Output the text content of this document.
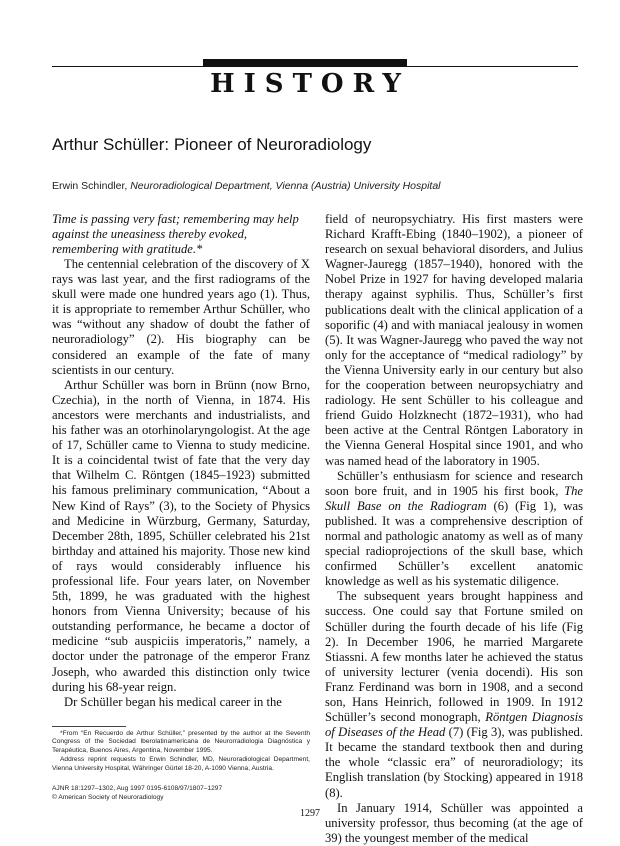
HISTORY
Arthur Schüller: Pioneer of Neuroradiology
Erwin Schindler, Neuroradiological Department, Vienna (Austria) University Hospital

Time is passing very fast; remembering may help against the uneasiness thereby evoked, remembering with gratitude.*

The centennial celebration of the discovery of X rays was last year, and the first radiograms of the skull were made one hundred years ago (1). Thus, it is appropriate to remember Arthur Schüller, who was “without any shadow of doubt the father of neuroradiology” (2). His biography can be considered an example of the fate of many scientists in our century.

Arthur Schüller was born in Brünn (now Brno, Czechia), in the north of Vienna, in 1874. His ancestors were merchants and industrialists, and his father was an otorhinolaryngologist. At the age of 17, Schüller came to Vienna to study medicine. It is a coincidental twist of fate that the very day that Wilhelm C. Röntgen (1845–1923) submitted his famous preliminary communication, “About a New Kind of Rays” (3), to the Society of Physics and Medicine in Würzburg, Germany, Saturday, December 28th, 1895, Schüller celebrated his 21st birthday and attained his majority. Those new kind of rays would considerably influence his professional life. Four years later, on November 5th, 1899, he was graduated with the highest honors from Vienna University; because of his outstanding performance, he became a doctor of medicine “sub auspiciis imperatoris,” namely, a doctor under the patronage of the emperor Franz Joseph, who awarded this distinction only twice during his 68-year reign.

Dr Schüller began his medical career in the

field of neuropsychiatry. His first masters were Richard Krafft-Ebing (1840–1902), a pioneer of research on sexual behavioral disorders, and Julius Wagner-Jauregg (1857–1940), honored with the Nobel Prize in 1927 for having developed malaria therapy against syphilis. Thus, Schüller’s first publications dealt with the clinical application of a soporific (4) and with maniacal jealousy in women (5). It was Wagner-Jauregg who paved the way not only for the acceptance of “medical radiology” by the Vienna University early in our century but also for the cooperation between neuropsychiatry and radiology. He sent Schüller to his colleague and friend Guido Holzknecht (1872–1931), who had been active at the Central Röntgen Laboratory in the Vienna General Hospital since 1901, and who was named head of the laboratory in 1905.

Schüller’s enthusiasm for science and research soon bore fruit, and in 1905 his first book, The Skull Base on the Radiogram (6) (Fig 1), was published. It was a comprehensive description of normal and pathologic anatomy as well as of many special radioprojections of the skull base, which confirmed Schüller’s excellent anatomic knowledge as well as his systematic diligence.

The subsequent years brought happiness and success. One could say that Fortune smiled on Schüller during the fourth decade of his life (Fig 2). In December 1906, he married Margarete Stiassni. A few months later he achieved the status of university lecturer (venia docendi). His son Franz Ferdinand was born in 1908, and a second son, Hans Heinrich, followed in 1909. In 1912 Schüller’s second monograph, Röntgen Diagnosis of Diseases of the Head (7) (Fig 3), was published. It became the standard textbook then and during the whole “classic era” of neuroradiology; its English translation (by Stocking) appeared in 1918 (8).

In January 1914, Schüller was appointed a university professor, thus becoming (at the age of 39) the youngest member of the medical

*From “En Recuerdo de Arthur Schüller,” presented by the author at the Seventh Congress of the Sociedad Iberolatinamericana de Neurorradiologia Diagnóstica y Terapéutica, Buenos Aires, Argentina, November 1995.

Address reprint requests to Erwin Schindler, MD, Neuroradiological Department, Vienna University Hospital, Währinger Gürtel 18-20, A-1090 Vienna, Austria.

AJNR 18:1297–1302, Aug 1997 0195-6108/97/1807–1297
© American Society of Neuroradiology
1297
